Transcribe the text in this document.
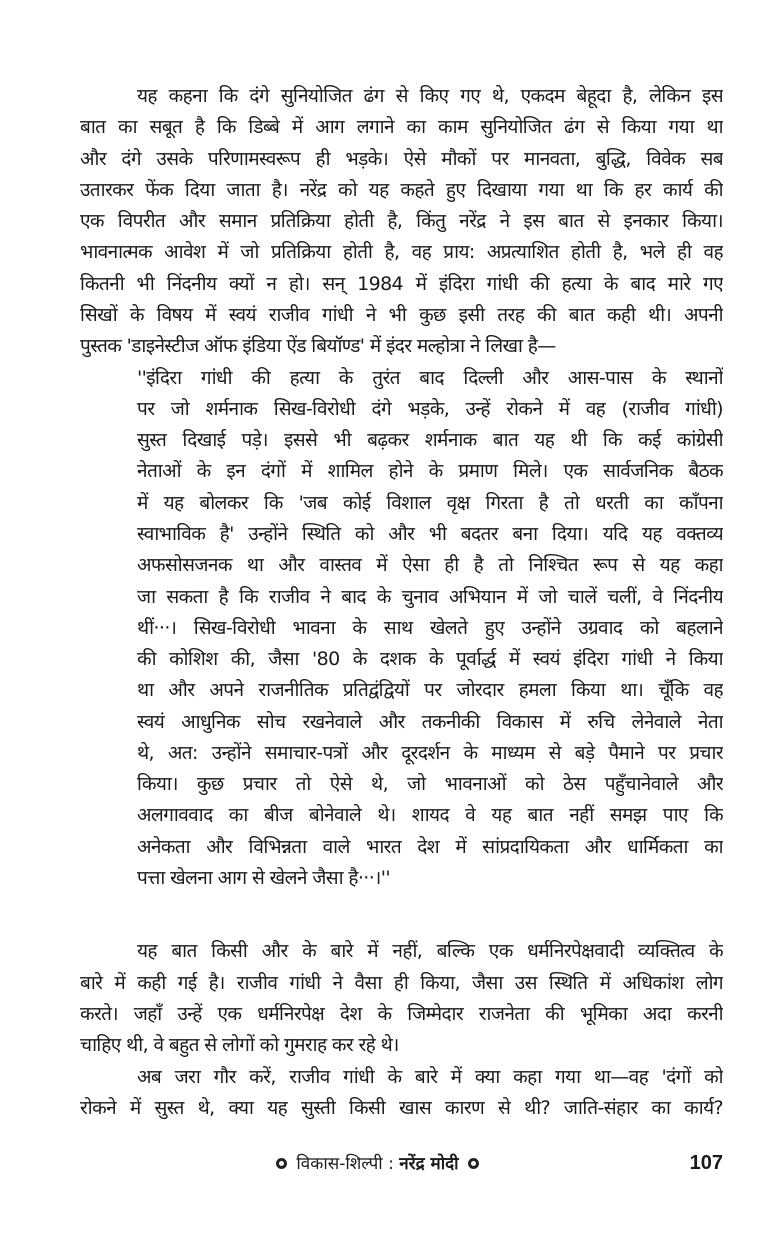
यह कहना कि दंगे सुनियोजित ढंग से किए गए थे, एकदम बेहूदा है, लेकिन इस
बात का सबूत है कि डिब्बे में आग लगाने का काम सुनियोजित ढंग से किया गया था
और दंगे उसके परिणामस्वरूप ही भड़के। ऐसे मौकों पर मानवता, बुद्धि, विवेक सब
उतारकर फेंक दिया जाता है। नरेंद्र को यह कहते हुए दिखाया गया था कि हर कार्य की
एक विपरीत और समान प्रतिक्रिया होती है, किंतु नरेंद्र ने इस बात से इनकार किया।
भावनात्मक आवेश में जो प्रतिक्रिया होती है, वह प्राय: अप्रत्याशित होती है, भले ही वह
कितनी भी निंदनीय क्यों न हो। सन् 1984 में इंदिरा गांधी की हत्या के बाद मारे गए
सिखों के विषय में स्वयं राजीव गांधी ने भी कुछ इसी तरह की बात कही थी। अपनी
पुस्तक 'डाइनेस्टीज ऑफ इंडिया ऐंड बियॉण्ड' में इंदर मल्होत्रा ने लिखा है—
''इंदिरा गांधी की हत्या के तुरंत बाद दिल्ली और आस-पास के स्थानों
पर जो शर्मनाक सिख-विरोधी दंगे भड़के, उन्हें रोकने में वह (राजीव गांधी)
सुस्त दिखाई पड़े। इससे भी बढ़कर शर्मनाक बात यह थी कि कई कांग्रेसी
नेताओं के इन दंगों में शामिल होने के प्रमाण मिले। एक सार्वजनिक बैठक
में यह बोलकर कि 'जब कोई विशाल वृक्ष गिरता है तो धरती का काँपना
स्वाभाविक है' उन्होंने स्थिति को और भी बदतर बना दिया। यदि यह वक्तव्य
अफसोसजनक था और वास्तव में ऐसा ही है तो निश्चित रूप से यह कहा
जा सकता है कि राजीव ने बाद के चुनाव अभियान में जो चालें चलीं, वे निंदनीय
थीं···। सिख-विरोधी भावना के साथ खेलते हुए उन्होंने उग्रवाद को बहलाने
की कोशिश की, जैसा '80 के दशक के पूर्वार्द्ध में स्वयं इंदिरा गांधी ने किया
था और अपने राजनीतिक प्रतिद्वंद्वियों पर जोरदार हमला किया था। चूँकि वह
स्वयं आधुनिक सोच रखनेवाले और तकनीकी विकास में रुचि लेनेवाले नेता
थे, अत: उन्होंने समाचार-पत्रों और दूरदर्शन के माध्यम से बड़े पैमाने पर प्रचार
किया। कुछ प्रचार तो ऐसे थे, जो भावनाओं को ठेस पहुँचानेवाले और
अलगाववाद का बीज बोनेवाले थे। शायद वे यह बात नहीं समझ पाए कि
अनेकता और विभिन्नता वाले भारत देश में सांप्रदायिकता और धार्मिकता का
पत्ता खेलना आग से खेलने जैसा है···।''
यह बात किसी और के बारे में नहीं, बल्कि एक धर्मनिरपेक्षवादी व्यक्तित्व के
बारे में कही गई है। राजीव गांधी ने वैसा ही किया, जैसा उस स्थिति में अधिकांश लोग
करते। जहाँ उन्हें एक धर्मनिरपेक्ष देश के जिम्मेदार राजनेता की भूमिका अदा करनी
चाहिए थी, वे बहुत से लोगों को गुमराह कर रहे थे।
अब जरा गौर करें, राजीव गांधी के बारे में क्या कहा गया था—वह 'दंगों को
रोकने में सुस्त थे, क्या यह सुस्ती किसी खास कारण से थी? जाति-संहार का कार्य?
विकास-शिल्पी : नरेंद्र मोदी	107
